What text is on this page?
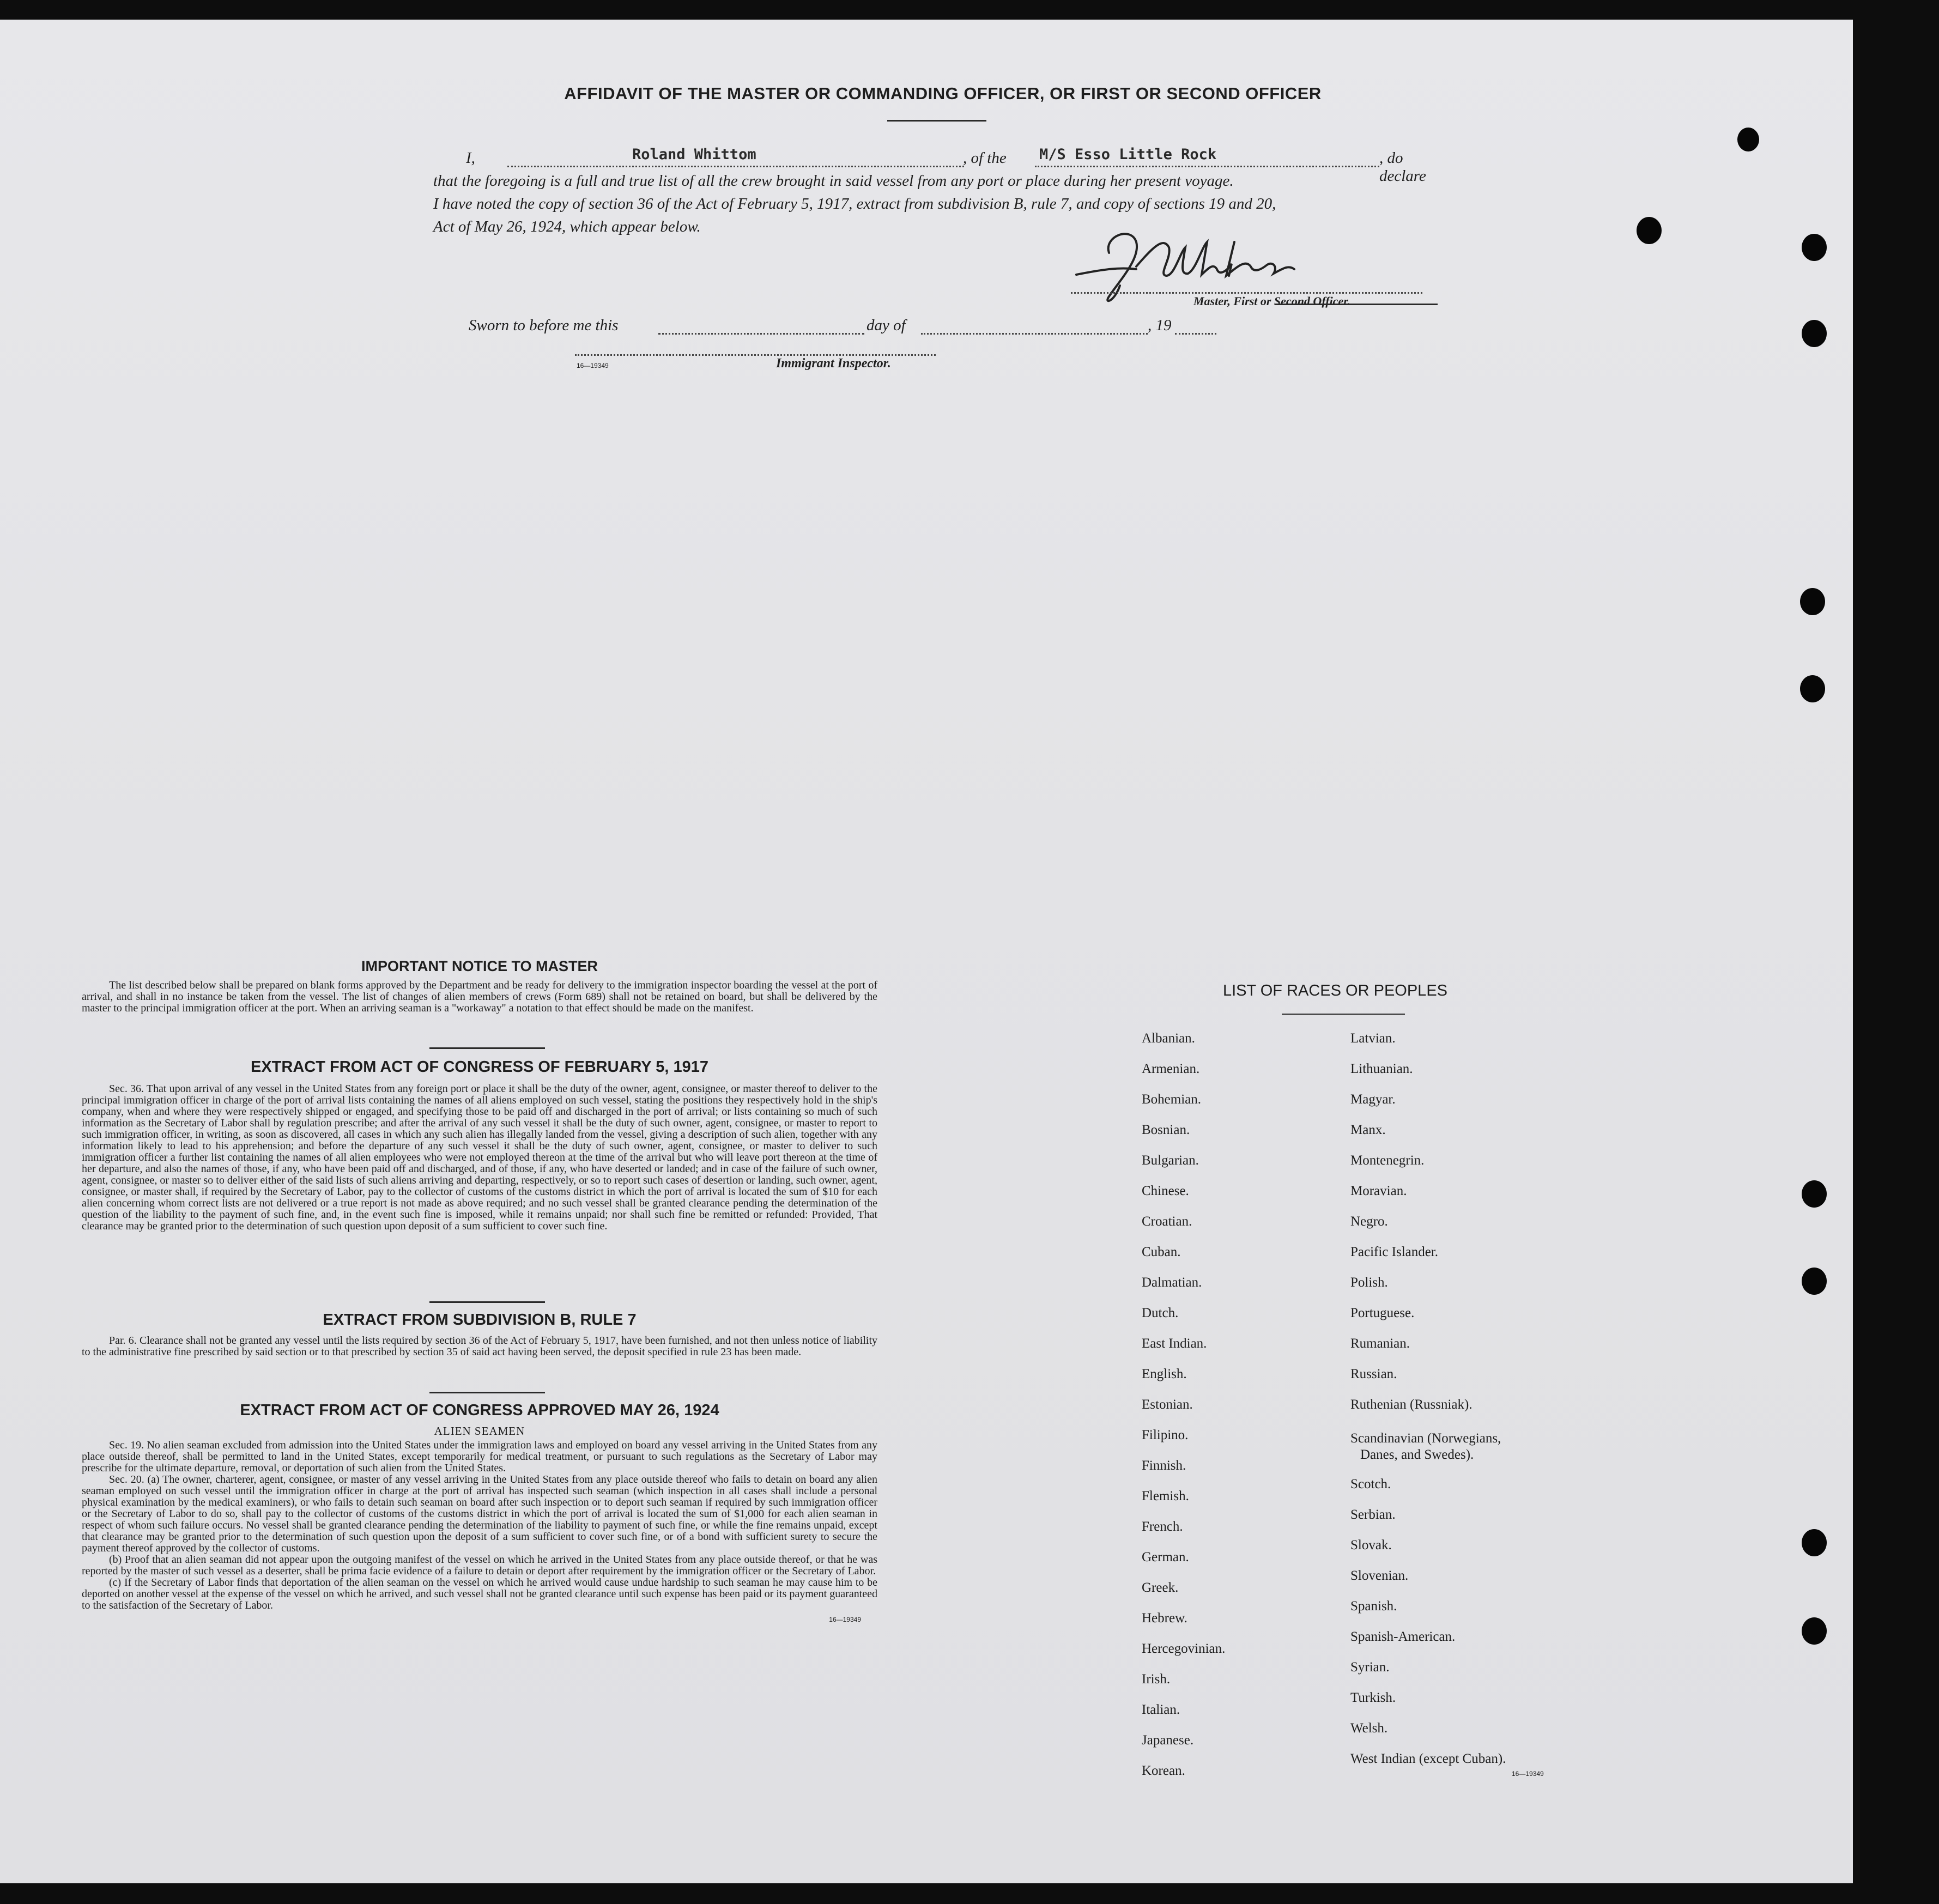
AFFIDAVIT OF THE MASTER OR COMMANDING OFFICER, OR FIRST OR SECOND OFFICER
I,	Roland Whittom	, of the M/S Esso Little Rock	, do declare
that the foregoing is a full and true list of all the crew brought in said vessel from any port or place during her present voyage.
I have noted the copy of section 36 of the Act of February 5, 1917, extract from subdivision B, rule 7, and copy of sections 19 and 20,
Act of May 26, 1924, which appear below.
Master, First or Second Officer.
Sworn to before me this	day of	, 19
16—19349	Immigrant Inspector.
IMPORTANT NOTICE TO MASTER
The list described below shall be prepared on blank forms approved by the Department and be ready for delivery to the immigration inspector boarding the vessel at the port of arrival, and shall in no instance be taken from the vessel. The list of changes of alien members of crews (Form 689) shall not be retained on board, but shall be delivered by the master to the principal immigration officer at the port. When an arriving seaman is a "workaway" a notation to that effect should be made on the manifest.
EXTRACT FROM ACT OF CONGRESS OF FEBRUARY 5, 1917
Sec. 36. That upon arrival of any vessel in the United States from any foreign port or place it shall be the duty of the owner, agent, consignee, or master thereof to deliver to the principal immigration officer in charge of the port of arrival lists containing the names of all aliens employed on such vessel, stating the positions they respectively hold in the ship's company, when and where they were respectively shipped or engaged, and specifying those to be paid off and discharged in the port of arrival; or lists containing so much of such information as the Secretary of Labor shall by regulation prescribe; and after the arrival of any such vessel it shall be the duty of such owner, agent, consignee, or master to report to such immigration officer, in writing, as soon as discovered, all cases in which any such alien has illegally landed from the vessel, giving a description of such alien, together with any information likely to lead to his apprehension; and before the departure of any such vessel it shall be the duty of such owner, agent, consignee, or master to deliver to such immigration officer a further list containing the names of all alien employees who were not employed thereon at the time of the arrival but who will leave port thereon at the time of her departure, and also the names of those, if any, who have been paid off and discharged, and of those, if any, who have deserted or landed; and in case of the failure of such owner, agent, consignee, or master so to deliver either of the said lists of such aliens arriving and departing, respectively, or so to report such cases of desertion or landing, such owner, agent, consignee, or master shall, if required by the Secretary of Labor, pay to the collector of customs of the customs district in which the port of arrival is located the sum of $10 for each alien concerning whom correct lists are not delivered or a true report is not made as above required; and no such vessel shall be granted clearance pending the determination of the question of the liability to the payment of such fine, and, in the event such fine is imposed, while it remains unpaid; nor shall such fine be remitted or refunded: Provided, That clearance may be granted prior to the determination of such question upon deposit of a sum sufficient to cover such fine.
EXTRACT FROM SUBDIVISION B, RULE 7
Par. 6. Clearance shall not be granted any vessel until the lists required by section 36 of the Act of February 5, 1917, have been furnished, and not then unless notice of liability to the administrative fine prescribed by said section or to that prescribed by section 35 of said act having been served, the deposit specified in rule 23 has been made.
EXTRACT FROM ACT OF CONGRESS APPROVED MAY 26, 1924
ALIEN SEAMEN
Sec. 19. No alien seaman excluded from admission into the United States under the immigration laws and employed on board any vessel arriving in the United States from any place outside thereof, shall be permitted to land in the United States, except temporarily for medical treatment, or pursuant to such regulations as the Secretary of Labor may prescribe for the ultimate departure, removal, or deportation of such alien from the United States.
Sec. 20. (a) The owner, charterer, agent, consignee, or master of any vessel arriving in the United States from any place outside thereof who fails to detain on board any alien seaman employed on such vessel until the immigration officer in charge at the port of arrival has inspected such seaman (which inspection in all cases shall include a personal physical examination by the medical examiners), or who fails to detain such seaman on board after such inspection or to deport such seaman if required by such immigration officer or the Secretary of Labor to do so, shall pay to the collector of customs of the customs district in which the port of arrival is located the sum of $1,000 for each alien seaman in respect of whom such failure occurs. No vessel shall be granted clearance pending the determination of the liability to payment of such fine, or while the fine remains unpaid, except that clearance may be granted prior to the determination of such question upon the deposit of a sum sufficient to cover such fine, or of a bond with sufficient surety to secure the payment thereof approved by the collector of customs.
(b) Proof that an alien seaman did not appear upon the outgoing manifest of the vessel on which he arrived in the United States from any place outside thereof, or that he was reported by the master of such vessel as a deserter, shall be prima facie evidence of a failure to detain or deport after requirement by the immigration officer or the Secretary of Labor.
(c) If the Secretary of Labor finds that deportation of the alien seaman on the vessel on which he arrived would cause undue hardship to such seaman he may cause him to be deported on another vessel at the expense of the vessel on which he arrived, and such vessel shall not be granted clearance until such expense has been paid or its payment guaranteed to the satisfaction of the Secretary of Labor.
16—19349
LIST OF RACES OR PEOPLES
Albanian.
Armenian.
Bohemian.
Bosnian.
Bulgarian.
Chinese.
Croatian.
Cuban.
Dalmatian.
Dutch.
East Indian.
English.
Estonian.
Filipino.
Finnish.
Flemish.
French.
German.
Greek.
Hebrew.
Hercegovinian.
Irish.
Italian.
Japanese.
Korean.
Latvian.
Lithuanian.
Magyar.
Manx.
Montenegrin.
Moravian.
Negro.
Pacific Islander.
Polish.
Portuguese.
Rumanian.
Russian.
Ruthenian (Russniak).
Scandinavian (Norwegians,
Danes, and Swedes).
Scotch.
Serbian.
Slovak.
Slovenian.
Spanish.
Spanish-American.
Syrian.
Turkish.
Welsh.
West Indian (except Cuban).
16—19349
